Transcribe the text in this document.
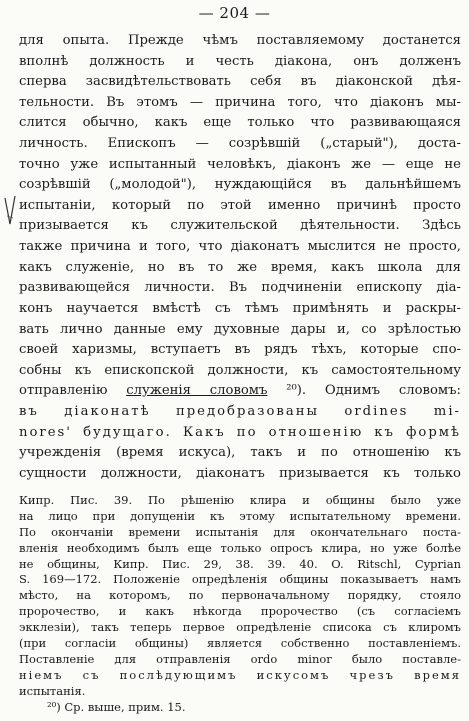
— 204 —
для опыта. Прежде чѣмъ поставляемому достанется
вполнѣ должность и честь діакона, онъ долженъ
сперва засвидѣтельствовать себя въ діаконской дѣя-
тельности. Въ этомъ — причина того, что діаконъ мы-
слится обычно, какъ еще только что развивающаяся
личность. Епископъ — созрѣвшій („старый"), доста-
точно уже испытанный человѣкъ, діаконъ же — еще не
созрѣвшій („молодой"), нуждающійся въ дальнѣйшемъ
испытаніи, который по этой именно причинѣ просто
призывается къ служительской дѣятельности. Здѣсь
также причина и того, что діаконатъ мыслится не просто,
какъ служеніе, но въ то же время, какъ школа для
развивающейся личности. Въ подчиненіи епископу діа-
конъ научается вмѣстѣ съ тѣмъ примѣнять и раскры-
вать лично данные ему духовные дары и, со зрѣлостью
своей харизмы, вступаетъ въ рядъ тѣхъ, которые спо-
собны къ епископской должности, къ самостоятельному
отправленію служенія словомъ ²⁰). Однимъ словомъ:
въ діаконатѣ предобразованы ordines mi-
nores' будущаго. Какъ по отношенію къ формѣ
учрежденія (время искуса), такъ и по отношенію къ
сущности должности, діаконатъ призывается къ только
Кипр. Пис. 39. По рѣшенію клира и общины было уже
на лицо при допущеніи къ этому испытательному времени.
По окончаніи времени испытанія для окончательнаго поста-
вленія необходимъ былъ еще только опросъ клира, но уже болѣе
не общины, Кипр. Пис. 29, 38. 39. 40. O. Ritschl, Cyprian
S. 169—172. Положеніе опредѣленія общины показываетъ намъ
мѣсто, на которомъ, по первоначальному порядку, стояло
пророчество, и какъ нѣкогда пророчество (съ согласіемъ
экклезіи), такъ теперь первое опредѣленіе списокa съ клиромъ
(при согласіи общины) является собственно поставленіемъ.
Поставленіе для отправленія ordo minor было поставле-
ніемъ съ послѣдующимъ искусомъ чрезъ время
испытанія.
²⁰) Ср. выше, прим. 15.
